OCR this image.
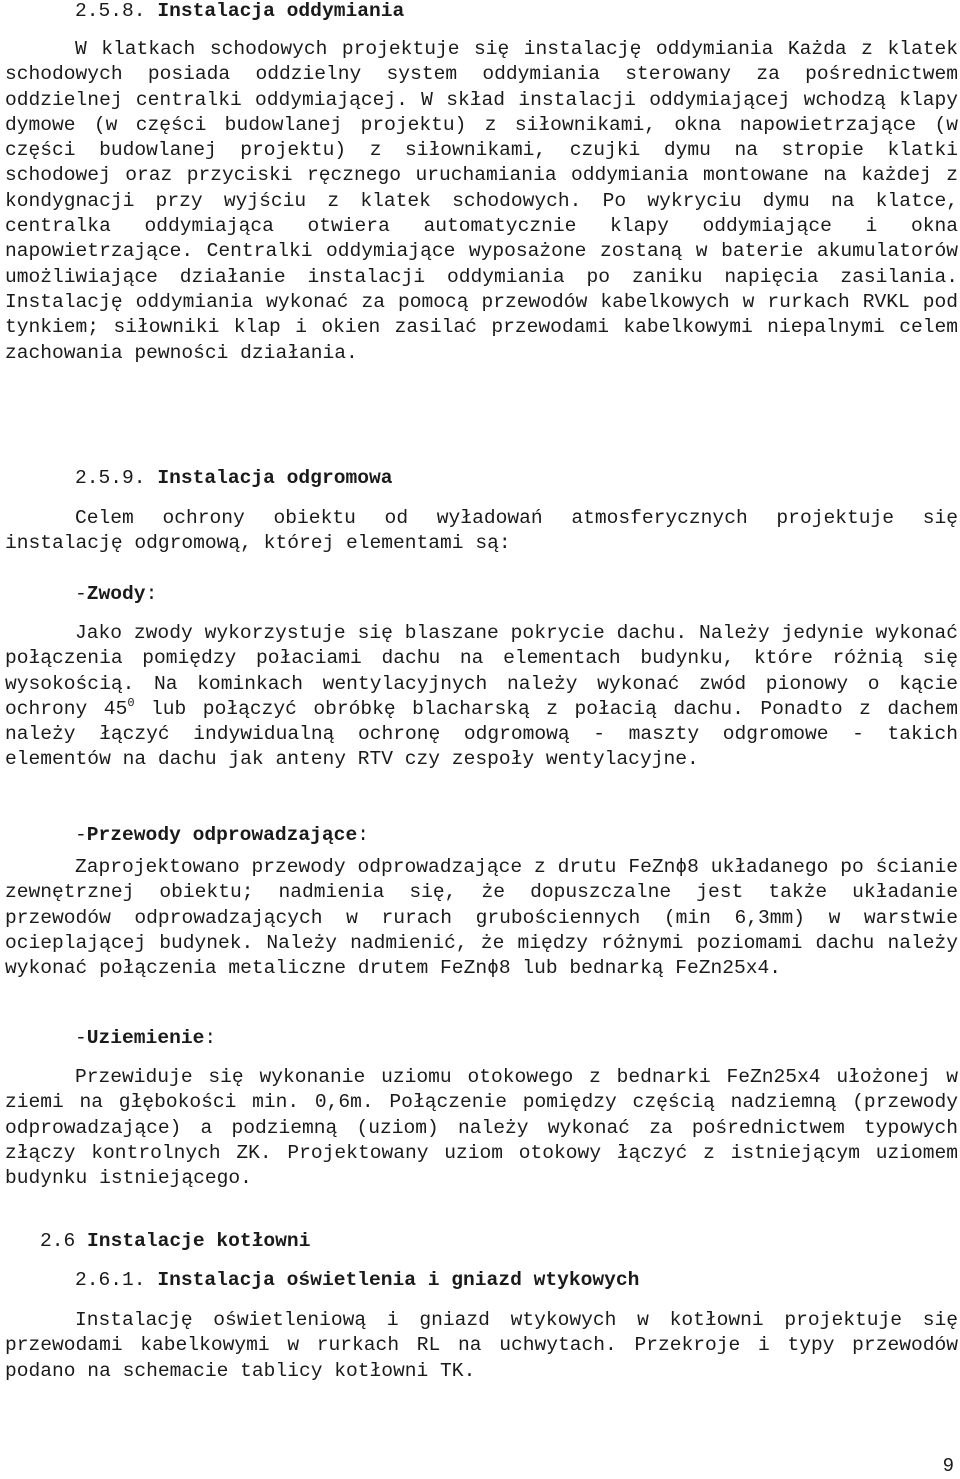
2.5.8. Instalacja oddymiania

W klatkach schodowych projektuje się instalację oddymiania Każda z klatek schodowych posiada oddzielny system oddymiania sterowany za pośrednictwem oddzielnej centralki oddymiającej. W skład instalacji oddymiającej wchodzą klapy dymowe (w części budowlanej projektu) z siłownikami, okna napowietrzające (w części budowlanej projektu) z siłownikami, czujki dymu na stropie klatki schodowej oraz przyciski ręcznego uruchamiania oddymiania montowane na każdej z kondygnacji przy wyjściu z klatek schodowych. Po wykryciu dymu na klatce, centralka oddymiająca otwiera automatycznie klapy oddymiające i okna napowietrzające. Centralki oddymiające wyposażone zostaną w baterie akumulatorów umożliwiające działanie instalacji oddymiania po zaniku napięcia zasilania. Instalację oddymiania wykonać za pomocą przewodów kabelkowych w rurkach RVKL pod tynkiem; siłowniki klap i okien zasilać przewodami kabelkowymi niepalnymi celem zachowania pewności działania.

2.5.9. Instalacja odgromowa

Celem ochrony obiektu od wyładowań atmosferycznych projektuje się instalację odgromową, której elementami są:

-Zwody:

Jako zwody wykorzystuje się blaszane pokrycie dachu. Należy jedynie wykonać połączenia pomiędzy połaciami dachu na elementach budynku, które różnią się wysokością. Na kominkach wentylacyjnych należy wykonać zwód pionowy o kącie ochrony $45^0$ lub połączyć obróbkę blacharską z połacią dachu. Ponadto z dachem należy łączyć indywidualną ochronę odgromową - maszty odgromowe - takich elementów na dachu jak anteny RTV czy zespoły wentylacyjne.

-Przewody odprowadzające:

Zaprojektowano przewody odprowadzające z drutu FeZnϕ8 układanego po ścianie zewnętrznej obiektu; nadmienia się, że dopuszczalne jest także układanie przewodów odprowadzających w rurach grubościennych (min 6,3mm) w warstwie ocieplającej budynek. Należy nadmienić, że między różnymi poziomami dachu należy wykonać połączenia metaliczne drutem FeZnϕ8 lub bednarką FeZn25x4.

-Uziemienie:

Przewiduje się wykonanie uziomu otokowego z bednarki FeZn25x4 ułożonej w ziemi na głębokości min. 0,6m. Połączenie pomiędzy częścią nadziemną (przewody odprowadzające) a podziemną (uziom) należy wykonać za pośrednictwem typowych złączy kontrolnych ZK. Projektowany uziom otokowy łączyć z istniejącym uziomem budynku istniejącego.

2.6 Instalacje kotłowni
2.6.1. Instalacja oświetlenia i gniazd wtykowych

Instalację oświetleniową i gniazd wtykowych w kotłowni projektuje się przewodami kabelkowymi w rurkach RL na uchwytach. Przekroje i typy przewodów podano na schemacie tablicy kotłowni TK.

9
